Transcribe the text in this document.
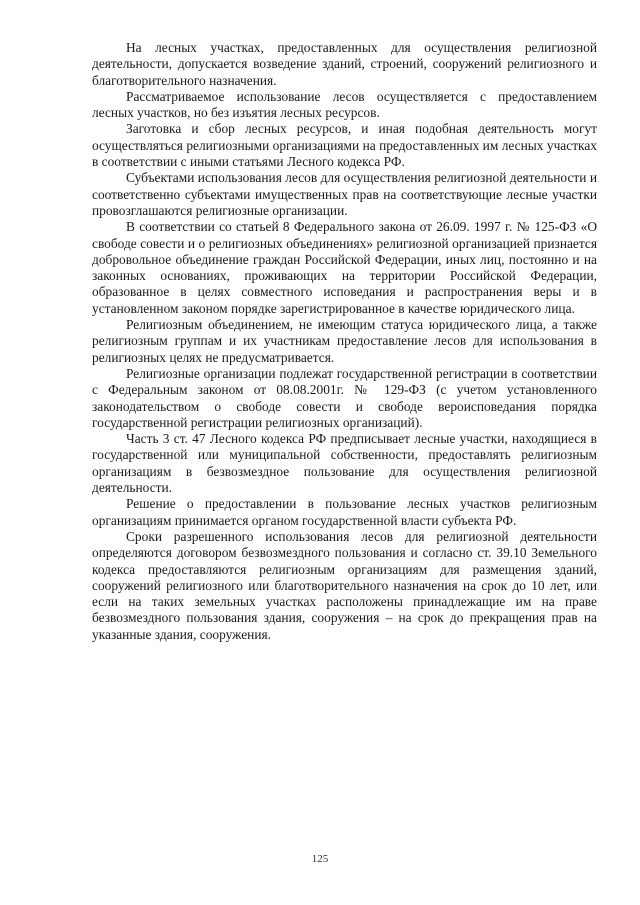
На лесных участках, предоставленных для осуществления религиозной деятельности, допускается возведение зданий, строений, сооружений религиозного и благотворительного назначения.

Рассматриваемое использование лесов осуществляется с предоставлением лесных участков, но без изъятия лесных ресурсов.

Заготовка и сбор лесных ресурсов, и иная подобная деятельность могут осуществляться религиозными организациями на предоставленных им лесных участках в соответствии с иными статьями Лесного кодекса РФ.

Субъектами использования лесов для осуществления религиозной деятельности и соответственно субъектами имущественных прав на соответствующие лесные участки провозглашаются религиозные организации.

В соответствии со статьей 8 Федерального закона от 26.09. 1997 г. № 125-ФЗ «О свободе совести и о религиозных объединениях» религиозной организацией признается добровольное объединение граждан Российской Федерации, иных лиц, постоянно и на законных основаниях, проживающих на территории Российской Федерации, образованное в целях совместного исповедания и распространения веры и в установленном законом порядке зарегистрированное в качестве юридического лица.

Религиозным объединением, не имеющим статуса юридического лица, а также религиозным группам и их участникам предоставление лесов для использования в религиозных целях не предусматривается.

Религиозные организации подлежат государственной регистрации в соответствии с Федеральным законом от 08.08.2001г. № 129-ФЗ (с учетом установленного законодательством о свободе совести и свободе вероисповедания порядка государственной регистрации религиозных организаций).

Часть 3 ст. 47 Лесного кодекса РФ предписывает лесные участки, находящиеся в государственной или муниципальной собственности, предоставлять религиозным организациям в безвозмездное пользование для осуществления религиозной деятельности.

Решение о предоставлении в пользование лесных участков религиозным организациям принимается органом государственной власти субъекта РФ.

Сроки разрешенного использования лесов для религиозной деятельности определяются договором безвозмездного пользования и согласно ст. 39.10 Земельного кодекса предоставляются религиозным организациям для размещения зданий, сооружений религиозного или благотворительного назначения на срок до 10 лет, или если на таких земельных участках расположены принадлежащие им на праве безвозмездного пользования здания, сооружения – на срок до прекращения прав на указанные здания, сооружения.

125
